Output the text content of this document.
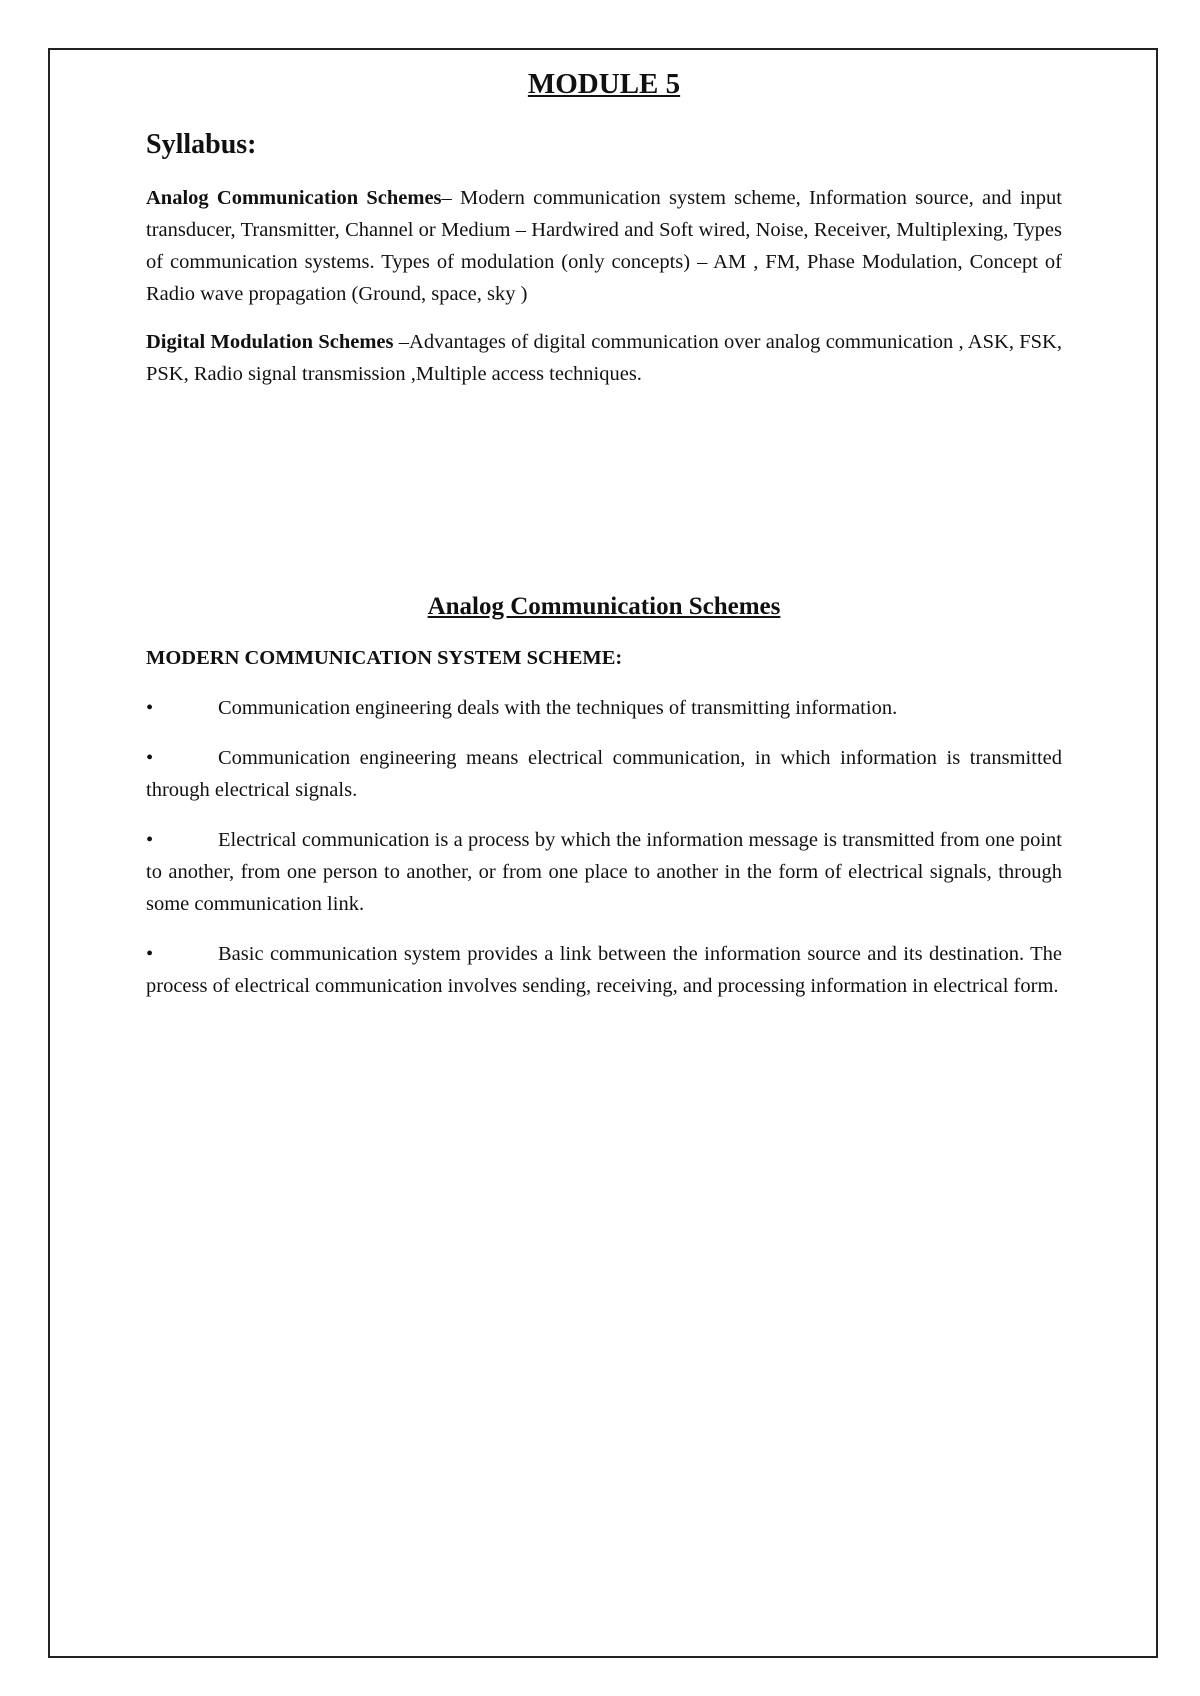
MODULE 5
Syllabus:

Analog Communication Schemes– Modern communication system scheme, Information source, and input transducer, Transmitter, Channel or Medium – Hardwired and Soft wired, Noise, Receiver, Multiplexing, Types of communication systems. Types of modulation (only concepts) – AM , FM, Phase Modulation, Concept of Radio wave propagation (Ground, space, sky )

Digital Modulation Schemes –Advantages of digital communication over analog communication , ASK, FSK, PSK, Radio signal transmission ,Multiple access techniques.

Analog Communication Schemes
MODERN COMMUNICATION SYSTEM SCHEME:

•	Communication engineering deals with the techniques of transmitting information.

•	Communication engineering means electrical communication, in which information is transmitted through electrical signals.

•	Electrical communication is a process by which the information message is transmitted from one point to another, from one person to another, or from one place to another in the form of electrical signals, through some communication link.

•	Basic communication system provides a link between the information source and its destination. The process of electrical communication involves sending, receiving, and processing information in electrical form.
